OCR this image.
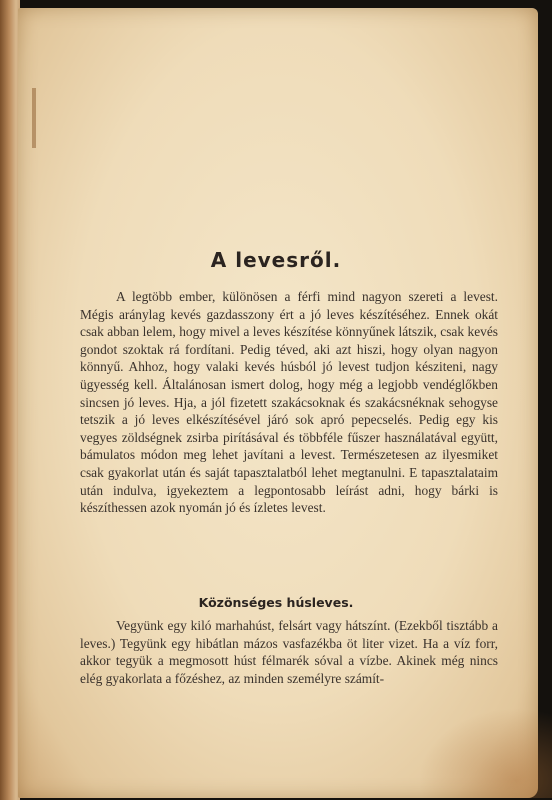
A levesről.
A legtöbb ember, különösen a férfi mind nagyon szereti a levest. Mégis aránylag kevés gazdasszony ért a jó leves készítéséhez. Ennek okát csak abban lelem, hogy mivel a leves készítése könnyűnek látszik, csak kevés gondot szoktak rá fordítani. Pedig téved, aki azt hiszi, hogy olyan nagyon könnyű. Ahhoz, hogy valaki kevés húsból jó levest tudjon késziteni, nagy ügyesség kell. Általánosan ismert dolog, hogy még a legjobb vendéglőkben sincsen jó leves. Hja, a jól fizetett szakácsoknak és szakácsnéknak sehogyse tetszik a jó leves elkészítésével járó sok apró pepecselés. Pedig egy kis vegyes zöldségnek zsirba pirításával és többféle fűszer használatával együtt, bámulatos módon meg lehet javítani a levest. Természetesen az ilyesmiket csak gyakorlat után és saját tapasztalatból lehet megtanulni. E tapasztalataim után indulva, igyekeztem a legpontosabb leírást adni, hogy bárki is készíthessen azok nyomán jó és ízletes levest.
Közönséges húsleves.
Vegyünk egy kiló marhahúst, felsárt vagy hátszínt. (Ezekből tisztább a leves.) Tegyünk egy hibátlan mázos vasfazékba öt liter vizet. Ha a víz forr, akkor tegyük a megmosott húst félmarék sóval a vízbe. Akinek még nincs elég gyakorlata a főzéshez, az minden személyre számít-
